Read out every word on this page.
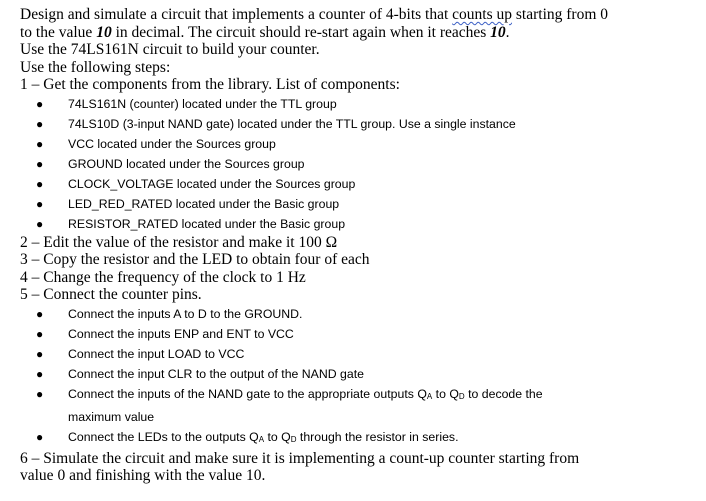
Design and simulate a circuit that implements a counter of 4-bits that counts up starting from 0

to the value 10 in decimal. The circuit should re-start again when it reaches 10.

Use the 74LS161N circuit to build your counter.

Use the following steps:

1 – Get the components from the library. List of components:

● 74LS161N (counter) located under the TTL group
● 74LS10D (3-input NAND gate) located under the TTL group. Use a single instance
● VCC located under the Sources group
● GROUND located under the Sources group
● CLOCK_VOLTAGE located under the Sources group
● LED_RED_RATED located under the Basic group
● RESISTOR_RATED located under the Basic group

2 – Edit the value of the resistor and make it 100 Ω

3 – Copy the resistor and the LED to obtain four of each

4 – Change the frequency of the clock to 1 Hz

5 – Connect the counter pins.

● Connect the inputs A to D to the GROUND.
● Connect the inputs ENP and ENT to VCC
● Connect the input LOAD to VCC
● Connect the input CLR to the output of the NAND gate
● Connect the inputs of the NAND gate to the appropriate outputs $Q_A$ to $Q_D$ to decode the
maximum value
● Connect the LEDs to the outputs $Q_A$ to $Q_D$ through the resistor in series.

6 – Simulate the circuit and make sure it is implementing a count-up counter starting from

value 0 and finishing with the value 10.
